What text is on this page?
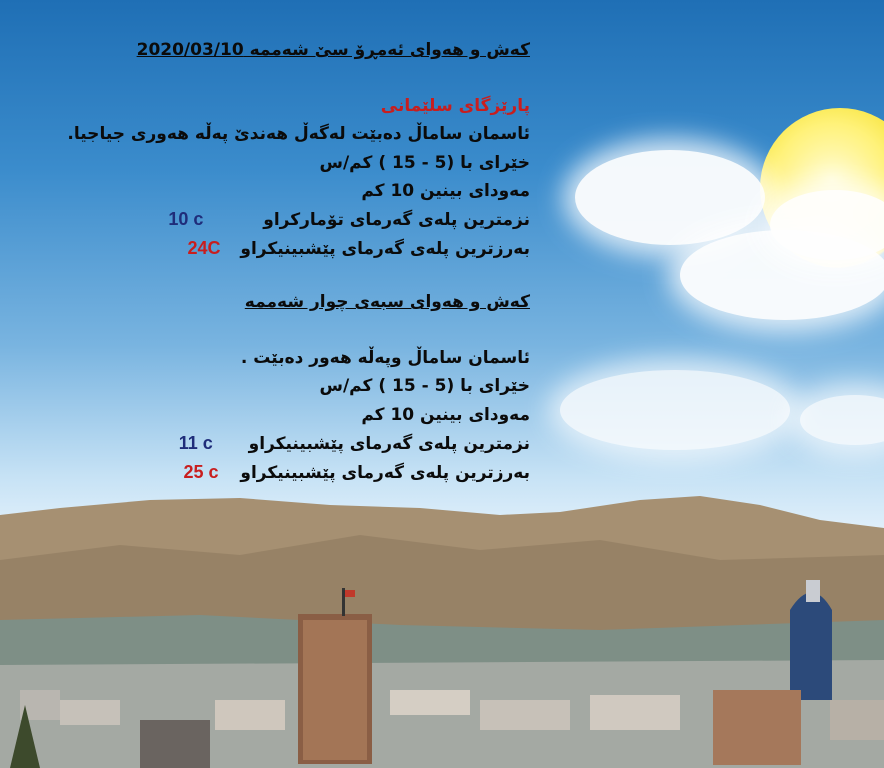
کەش و هەوای ئەمڕۆ سێ شەممە 2020/03/10
پارێزگای سلێمانی
ئاسمان ساماڵ دەبێت لەگەڵ هەندێ پەڵە هەوری جیاجیا.
خێرای با (5 - 15 ) کم/س
مەودای بینین 10 کم
نزمترین پلەی گەرمای تۆمارکراو  10 c
بەرزترین پلەی گەرمای پێشبینیکراو  24C
کەش و هەوای سبەی چوار شەممە
ئاسمان ساماڵ وپەڵە هەور دەبێت .
خێرای با (5 - 15 ) کم/س
مەودای بینین 10 کم
نزمترین پلەی گەرمای پێشبینیکراو  11 c
بەرزترین پلەی گەرمای پێشبینیکراو  25 c
